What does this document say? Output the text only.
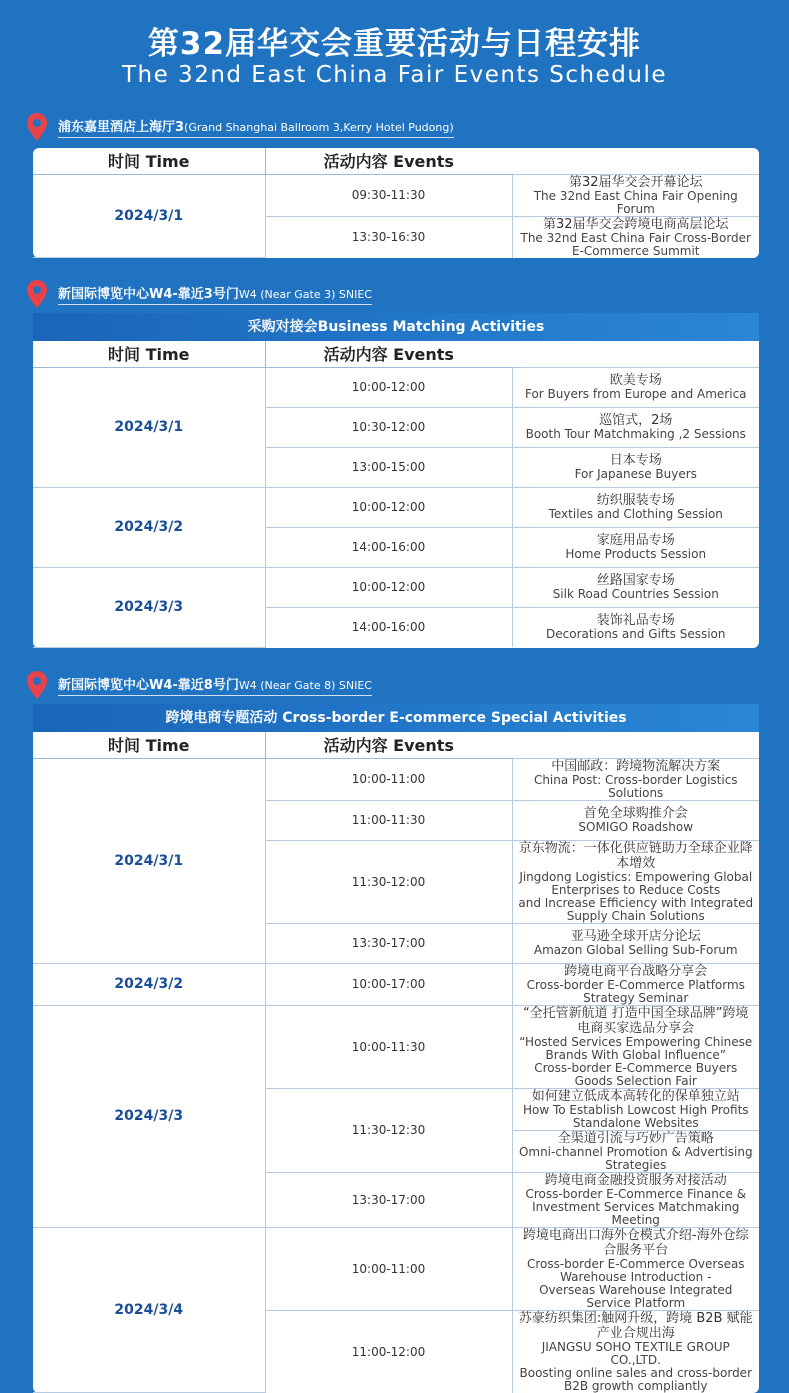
第32届华交会重要活动与日程安排
The 32nd East China Fair Events Schedule
浦东嘉里酒店上海厅3(Grand Shanghai Ballroom 3,Kerry Hotel Pudong)
时间 Time	活动内容 Events	
2024/3/1	09:30-11:30	第32届华交会开幕论坛
The 32nd East China Fair Opening Forum

	13:30-16:30	第32届华交会跨境电商高层论坛
The 32nd East China Fair Cross-Border E-Commerce Summit
新国际博览中心W4-靠近3号门W4 (Near Gate 3) SNIEC
采购对接会Business Matching Activities
时间 Time	活动内容 Events	
2024/3/1	10:00-12:00	欧美专场
For Buyers from Europe and America

	10:30-12:00	巡馆式，2场
Booth Tour Matchmaking ,2 Sessions

	13:00-15:00	日本专场
For Japanese Buyers

2024/3/2	10:00-12:00	纺织服装专场
Textiles and Clothing Session

	14:00-16:00	家庭用品专场
Home Products Session

2024/3/3	10:00-12:00	丝路国家专场
Silk Road Countries Session

	14:00-16:00	装饰礼品专场
Decorations and Gifts Session
新国际博览中心W4-靠近8号门W4 (Near Gate 8) SNIEC
跨境电商专题活动 Cross-border E-commerce Special Activities
时间 Time	活动内容 Events	
2024/3/1	10:00-11:00	中国邮政：跨境物流解决方案
China Post: Cross-border Logistics Solutions

	11:00-11:30	首免全球购推介会
SOMIGO Roadshow

	11:30-12:00	京东物流：一体化供应链助力全球企业降本增效
Jingdong Logistics: Empowering Global Enterprises to Reduce Costs
and Increase Efficiency with Integrated Supply Chain Solutions

	13:30-17:00	亚马逊全球开店分论坛
Amazon Global Selling Sub-Forum

2024/3/2	10:00-17:00	跨境电商平台战略分享会
Cross-border E-Commerce Platforms Strategy Seminar

2024/3/3	10:00-11:30	“全托管新航道 打造中国全球品牌”跨境电商买家选品分享会
“Hosted Services Empowering Chinese Brands With Global Influence”
Cross-border E-Commerce Buyers Goods Selection Fair

	11:30-12:30	如何建立低成本高转化的保单独立站
How To Establish Lowcost High Profits Standalone Websites

		全渠道引流与巧妙广告策略
Omni-channel Promotion & Advertising Strategies

	13:30-17:00	跨境电商金融投资服务对接活动
Cross-border E-Commerce Finance & Investment Services Matchmaking Meeting

2024/3/4	10:00-11:00	跨境电商出口海外仓模式介绍-海外仓综合服务平台
Cross-border E-Commerce Overseas Warehouse Introduction -
Overseas Warehouse Integrated Service Platform

	11:00-12:00	苏豪纺织集团:触网升级，跨境 B2B 赋能产业合规出海
JIANGSU SOHO TEXTILE GROUP CO.,LTD.
Boosting online sales and cross-border B2B growth compliantly
